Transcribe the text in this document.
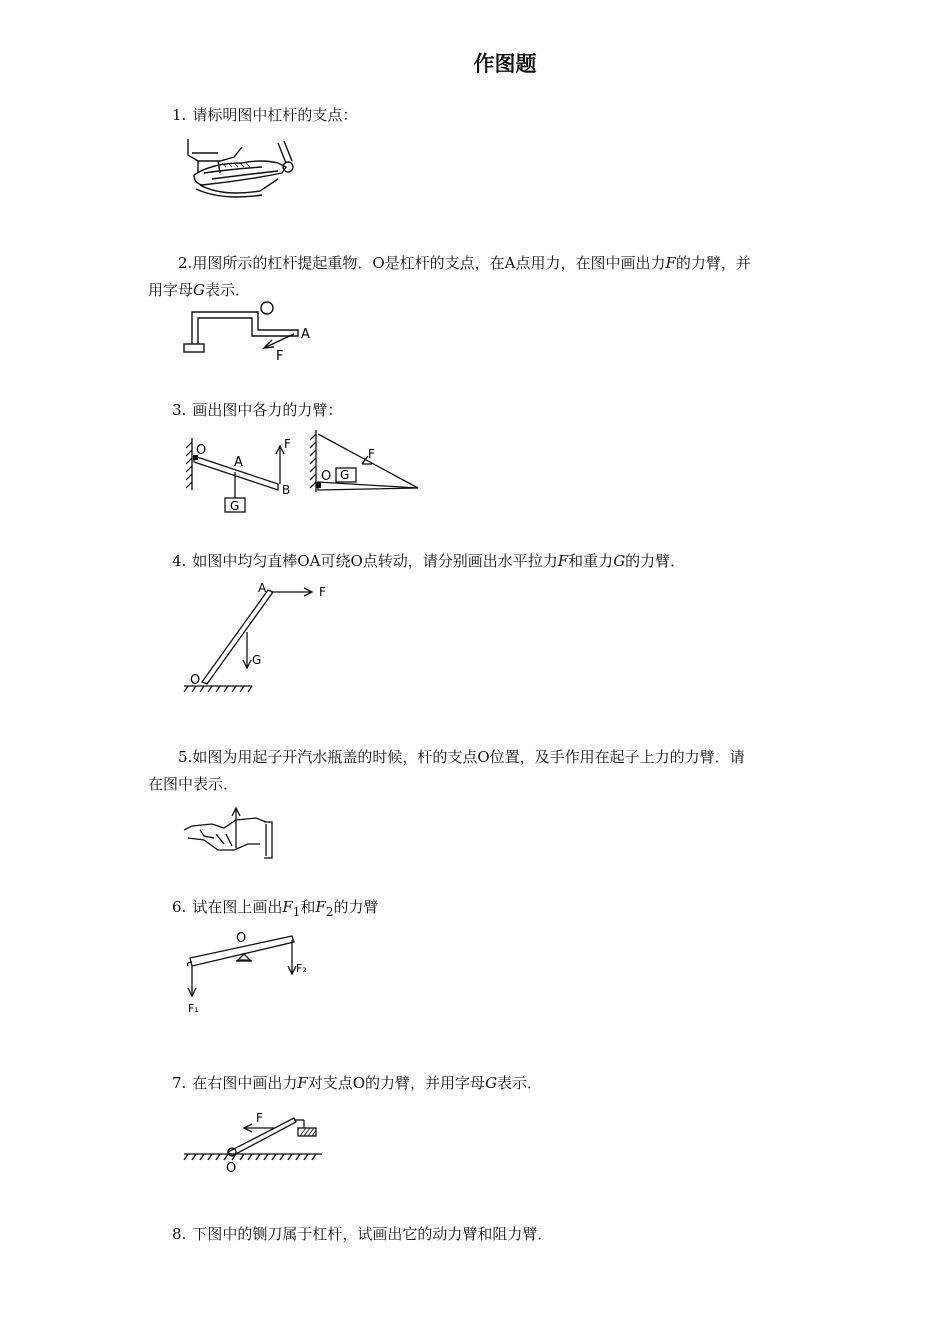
作图题
1. 请标明图中杠杆的支点：
2.用图所示的杠杆提起重物．O是杠杆的支点，在A点用力，在图中画出力F的力臂，并
用字母G表示．
A
F
3. 画出图中各力的力臂：
O
A
F
B
G
F
O G
4. 如图中均匀直棒OA可绕O点转动，请分别画出水平拉力F和重力G的力臂．
A	F
G
O
5.如图为用起子开汽水瓶盖的时候，杆的支点O位置，及手作用在起子上力的力臂．请
在图中表示．
6. 试在图上画出$F_1$和$F_2$的力臂
O
F₂
F₁
7. 在右图中画出力F对支点O的力臂，并用字母G表示．
F
O
8. 下图中的铡刀属于杠杆，试画出它的动力臂和阻力臂．
